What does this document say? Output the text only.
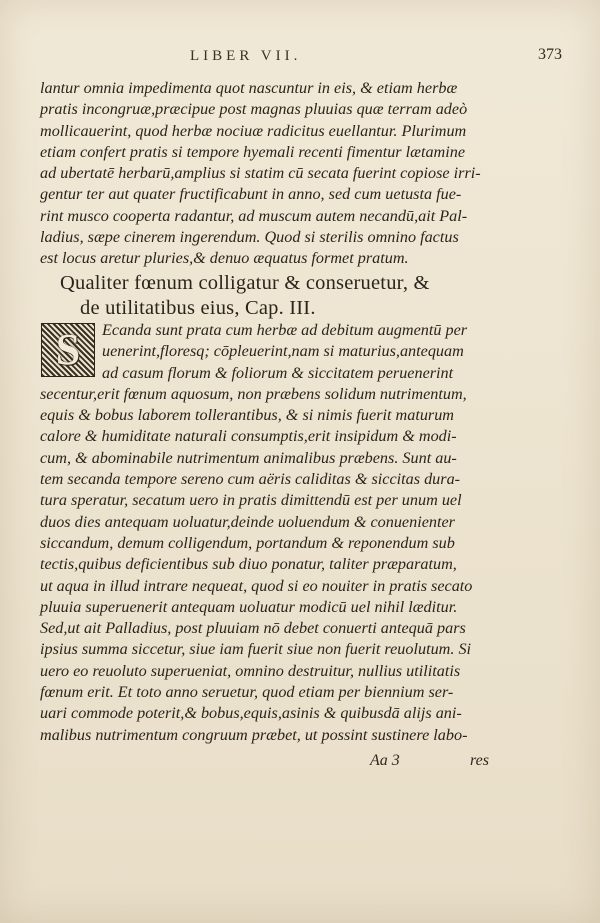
LIBER VII.	373
lantur omnia impedimenta quot nascuntur in eis, & etiam herbæ
pratis incongruæ,præcipue post magnas pluuias quæ terram adeò
mollicauerint, quod herbæ nociuæ radicitus euellantur. Plurimum
etiam confert pratis si tempore hyemali recenti fimentur lætamine
ad ubertatē herbarū,amplius si statim cū secata fuerint copiose irri-
gentur ter aut quater fructificabunt in anno, sed cum uetusta fue-
rint musco cooperta radantur, ad muscum autem necandū,ait Pal-
ladius, sæpe cinerem ingerendum. Quod si sterilis omnino factus
est locus aretur pluries,& denuo æquatus formet pratum.
Qualiter fœnum colligatur & conseruetur, &
de utilitatibus eius, Cap. III.
S	Ecanda sunt prata cum herbæ ad debitum augmentū per
uenerint,floresq; cōpleuerint,nam si maturius,antequam
ad casum florum & foliorum & siccitatem peruenerint
secentur,erit fœnum aquosum, non præbens solidum nutrimentum,
equis & bobus laborem tollerantibus, & si nimis fuerit maturum
calore & humiditate naturali consumptis,erit insipidum & modi-
cum, & abominabile nutrimentum animalibus præbens. Sunt au-
tem secanda tempore sereno cum aëris caliditas & siccitas dura-
tura speratur, secatum uero in pratis dimittendū est per unum uel
duos dies antequam uoluatur,deinde uoluendum & conuenienter
siccandum, demum colligendum, portandum & reponendum sub
tectis,quibus deficientibus sub diuo ponatur, taliter præparatum,
ut aqua in illud intrare nequeat, quod si eo nouiter in pratis secato
pluuia superuenerit antequam uoluatur modicū uel nihil læditur.
Sed,ut ait Palladius, post pluuiam nō debet conuerti antequā pars
ipsius summa siccetur, siue iam fuerit siue non fuerit reuolutum. Si
uero eo reuoluto superueniat, omnino destruitur, nullius utilitatis
fœnum erit. Et toto anno seruetur, quod etiam per biennium ser-
uari commode poterit,& bobus,equis,asinis & quibusdā alijs ani-
malibus nutrimentum congruum præbet, ut possint sustinere labo-
Aa 3	res
